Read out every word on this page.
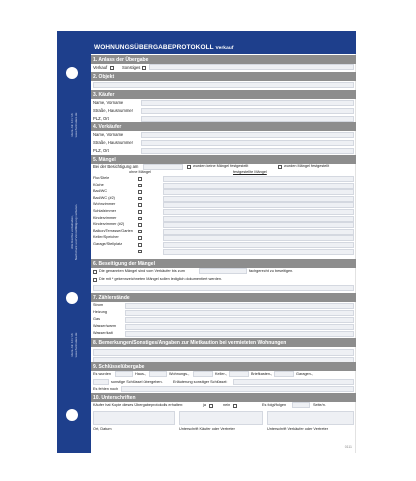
Ident.-Nr. 10 / 13
www.formulare.de
Alle Rechte vorbehalten,
Nachdruck und Vervielfältigung verboten.
Ident.-Nr. 10 / 13
www.formulare.de
WOHNUNGSÜBERGABEPROTOKOLL Verkauf
1. Anlass der Übergabe
Verkauf	Sonstiges
2. Objekt
3. Käufer
Name, Vorname
Straße, Hausnummer
PLZ, Ort
4. Verkäufer
Name, Vorname
Straße, Hausnummer
PLZ, Ort
5. Mängel
Bei der Besichtigung am	wurden keine Mängel festgestellt	wurden Mängel festgestellt
ohne Mängel	festgestellte Mängel
Flur/Diele
Küche
Bad/WC
Bad/WC (#2)
Wohnzimmer
Schlafzimmer
Kinderzimmer
Kinderzimmer (#2)
Balkon/Terrasse/Garten
Keller/Speicher
Garage/Stellplatz
6. Beseitigung der Mängel
Die genannten Mängel sind vom Verkäufer bis zum	fachgerecht zu beseitigen.
Die mit * gekennzeichneten Mängel sollen lediglich dokumentiert werden.
7. Zählerstände
Strom
Heizung
Gas
Wasser/warm
Wasser/kalt
8. Bemerkungen/Sonstiges/Angaben zur Mietkaution bei vermieteten Wohnungen
9. Schlüsselübergabe
Es wurden	Haus-,	Wohnungs-,	Keller-,	Briefkasten-,	Garagen-,
sonstige Schlüssel übergeben.	Erläuterung sonstiger Schlüssel:
Es fehlen noch
10. Unterschriften
Käufer hat Kopie dieses Übergabeprotokolls erhalten:	ja	nein	Es folgt/folgen	Seite/n.
Ort, Datum	Unterschrift Käufer oder Vertreter	Unterschrift Verkäufer oder Vertreter
0111
